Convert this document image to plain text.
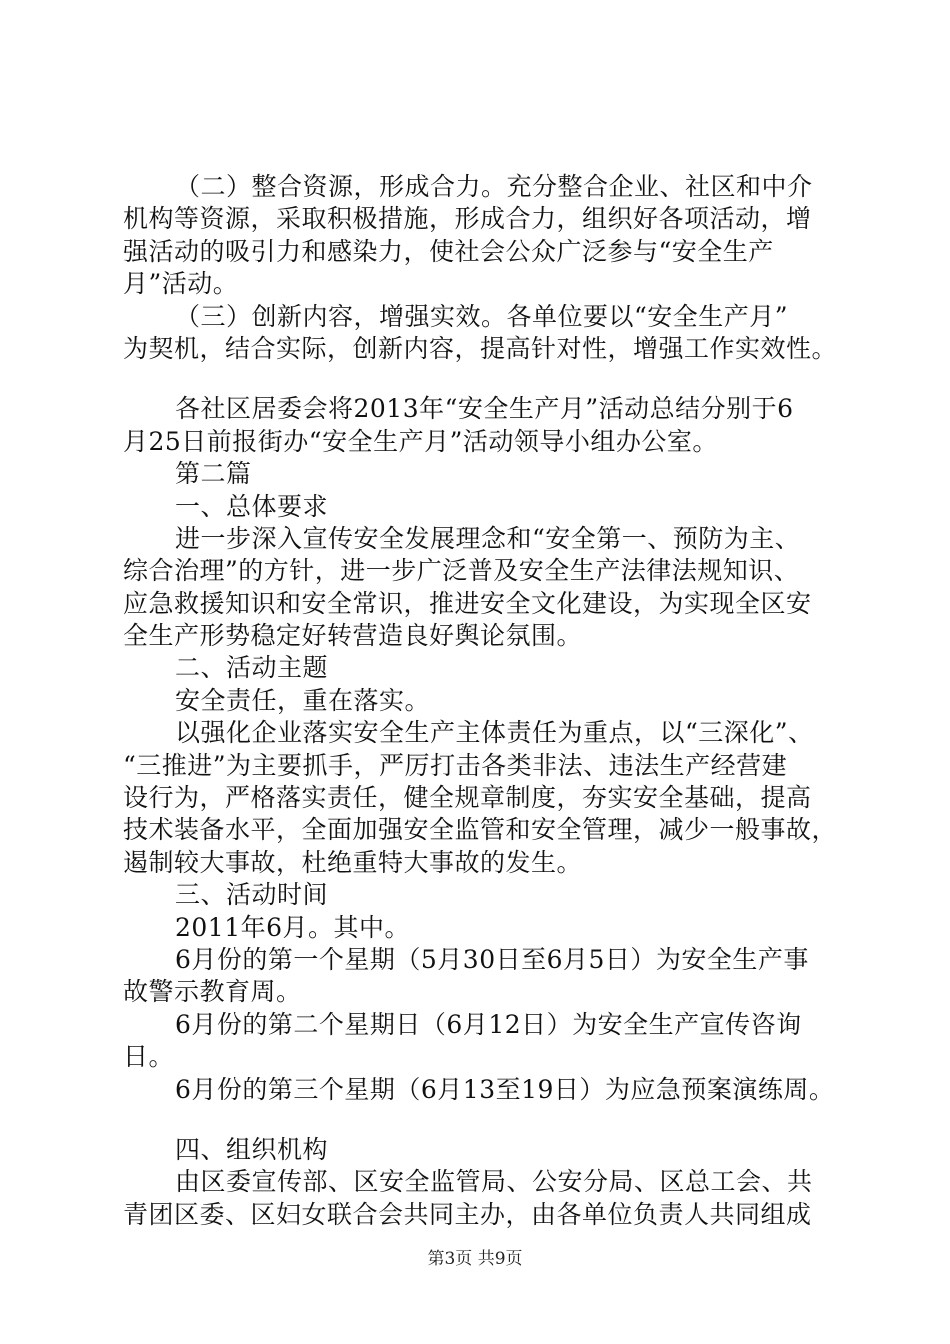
（二）整合资源，形成合力。充分整合企业、社区和中介
机构等资源，采取积极措施，形成合力，组织好各项活动，增
强活动的吸引力和感染力，使社会公众广泛参与“安全生产
月”活动。
（三）创新内容，增强实效。各单位要以“安全生产月”
为契机，结合实际，创新内容，提高针对性，增强工作实效性。
各社区居委会将2013年“安全生产月”活动总结分别于6
月25日前报街办“安全生产月”活动领导小组办公室。
第二篇
一、总体要求
进一步深入宣传安全发展理念和“安全第一、预防为主、
综合治理”的方针，进一步广泛普及安全生产法律法规知识、
应急救援知识和安全常识，推进安全文化建设，为实现全区安
全生产形势稳定好转营造良好舆论氛围。
二、活动主题
安全责任，重在落实。
以强化企业落实安全生产主体责任为重点，以“三深化”、
“三推进”为主要抓手，严厉打击各类非法、违法生产经营建
设行为，严格落实责任，健全规章制度，夯实安全基础，提高
技术装备水平，全面加强安全监管和安全管理，减少一般事故，
遏制较大事故，杜绝重特大事故的发生。
三、活动时间
2011年6月。其中。
6月份的第一个星期（5月30日至6月5日）为安全生产事
故警示教育周。
6月份的第二个星期日（6月12日）为安全生产宣传咨询
日。
6月份的第三个星期（6月13至19日）为应急预案演练周。
四、组织机构
由区委宣传部、区安全监管局、公安分局、区总工会、共
青团区委、区妇女联合会共同主办，由各单位负责人共同组成
第3页 共9页
